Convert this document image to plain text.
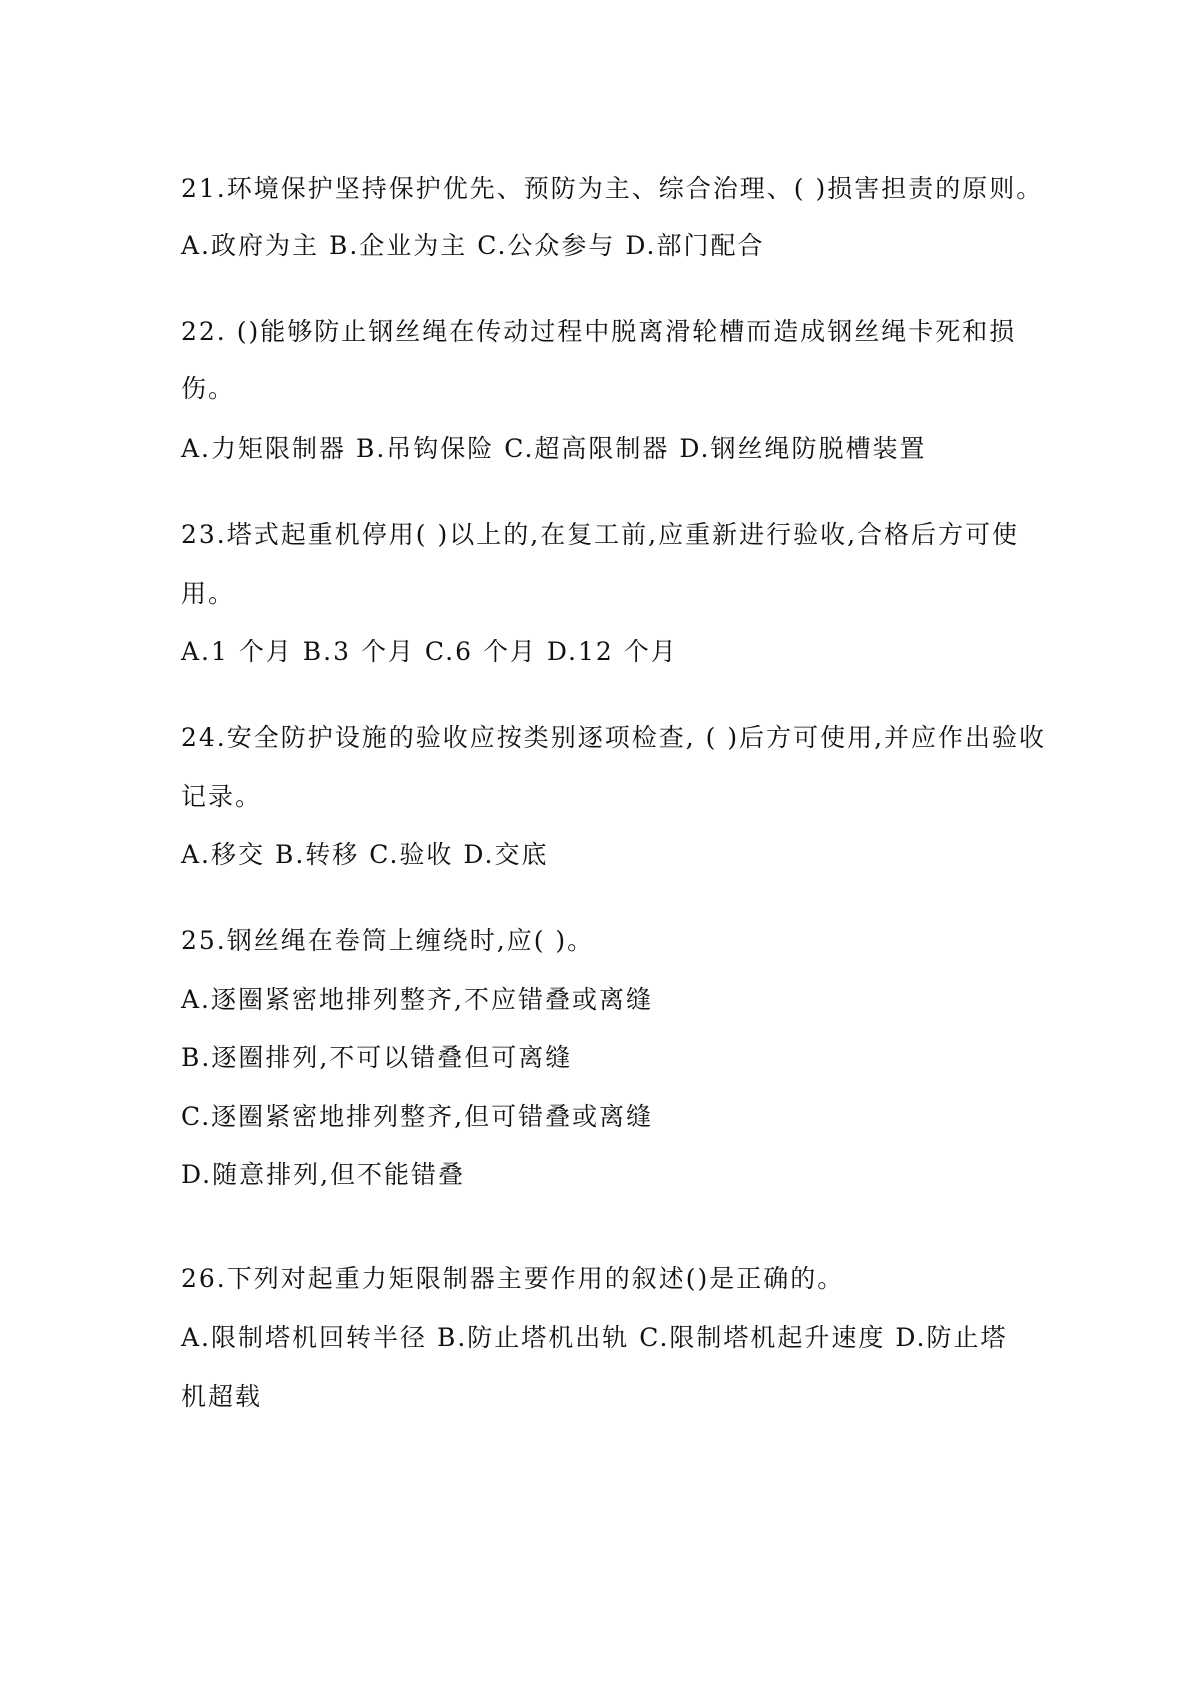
21.环境保护坚持保护优先、预防为主、综合治理、( )损害担责的原则。
A.政府为主 B.企业为主 C.公众参与 D.部门配合
22. ()能够防止钢丝绳在传动过程中脱离滑轮槽而造成钢丝绳卡死和损
伤。
A.力矩限制器 B.吊钩保险 C.超高限制器 D.钢丝绳防脱槽装置
23.塔式起重机停用( )以上的,在复工前,应重新进行验收,合格后方可使
用。
A.1 个月 B.3 个月 C.6 个月 D.12 个月
24.安全防护设施的验收应按类别逐项检查, ( )后方可使用,并应作出验收
记录。
A.移交 B.转移 C.验收 D.交底
25.钢丝绳在卷筒上缠绕时,应( )。
A.逐圈紧密地排列整齐,不应错叠或离缝
B.逐圈排列,不可以错叠但可离缝
C.逐圈紧密地排列整齐,但可错叠或离缝
D.随意排列,但不能错叠
26.下列对起重力矩限制器主要作用的叙述()是正确的。
A.限制塔机回转半径 B.防止塔机出轨 C.限制塔机起升速度 D.防止塔
机超载
